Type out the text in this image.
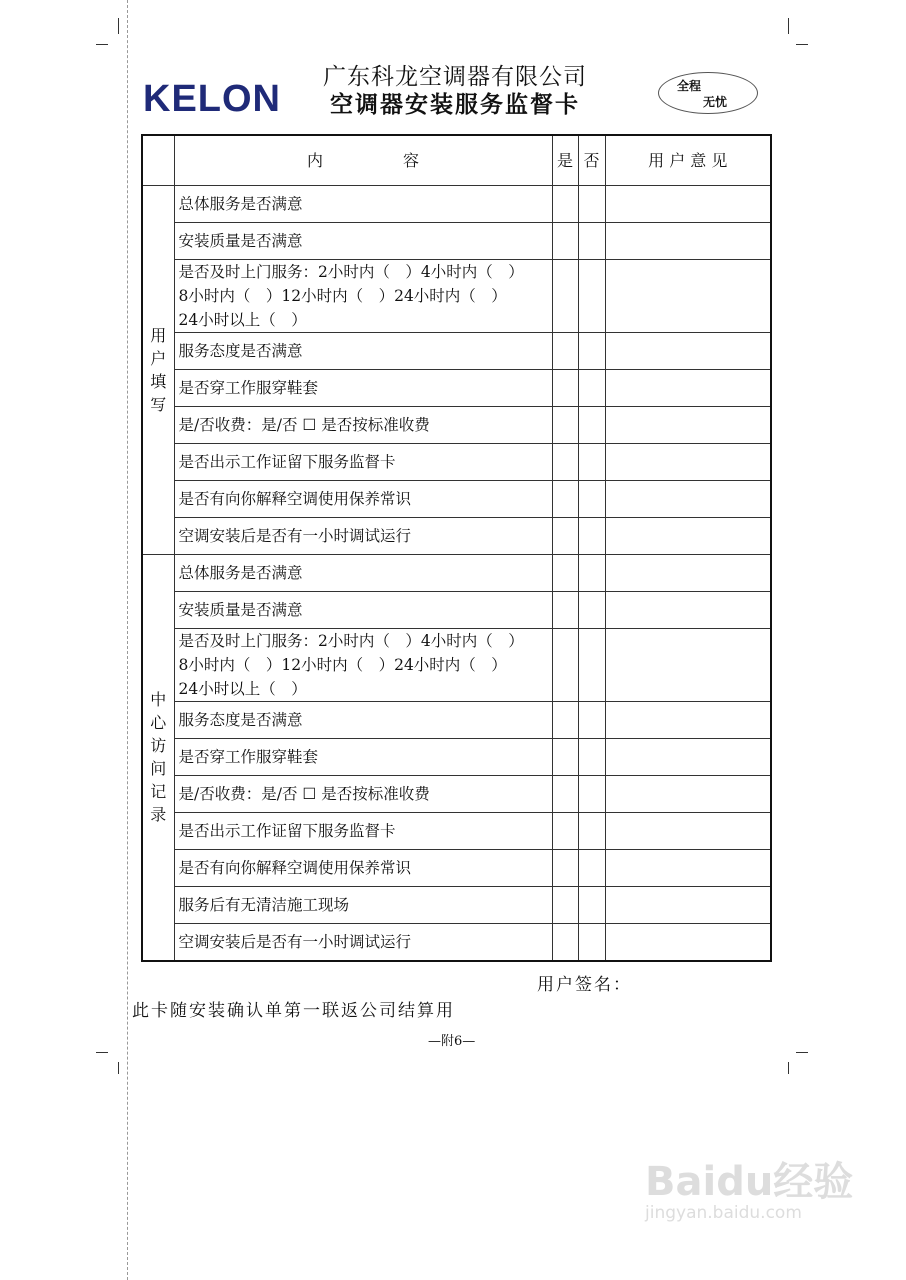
KELON
广东科龙空调器有限公司
空调器安装服务监督卡
全程
无忧
	内　　　　　容	是	否	用 户 意 见
用户填写	总体服务是否满意			

	安装质量是否满意			

	是否及时上门服务：2小时内（　）4小时内（　）
8小时内（　）12小时内（　）24小时内（　）
24小时以上（　）			

	服务态度是否满意			

	是否穿工作服穿鞋套			

	是/否收费：是/否 ☐ 是否按标准收费			

	是否出示工作证留下服务监督卡			

	是否有向你解释空调使用保养常识			

	空调安装后是否有一小时调试运行			

中心访问记录	总体服务是否满意			

	安装质量是否满意			

	是否及时上门服务：2小时内（　）4小时内（　）
8小时内（　）12小时内（　）24小时内（　）
24小时以上（　）			

	服务态度是否满意			

	是否穿工作服穿鞋套			

	是/否收费：是/否 ☐ 是否按标准收费			

	是否出示工作证留下服务监督卡			

	是否有向你解释空调使用保养常识			

	服务后有无清洁施工现场			

	空调安装后是否有一小时调试运行			

用户签名：
此卡随安装确认单第一联返公司结算用
—附6—
Baidu经验
jingyan.baidu.com
